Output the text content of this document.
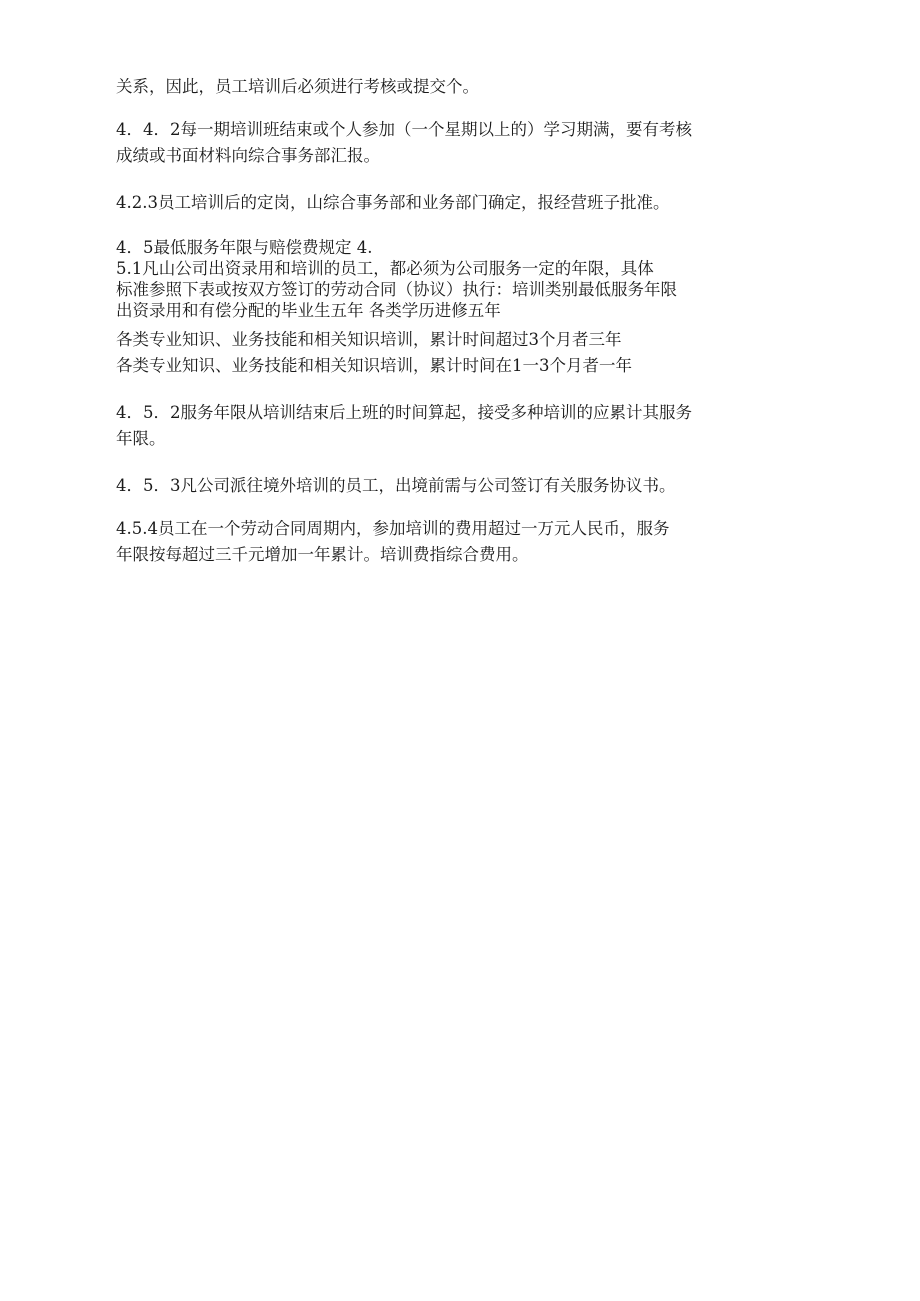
关系，因此，员工培训后必须进行考核或提交个。

4．4．2每一期培训班结束或个人参加（一个星期以上的）学习期满，要有考核
成绩或书面材料向综合事务部汇报。

4.2.3员工培训后的定岗，山综合事务部和业务部门确定，报经营班子批准。

4．5最低服务年限与赔偿费规定 4.
5.1凡山公司出资录用和培训的员工，都必须为公司服务一定的年限，具体
标准参照下表或按双方签订的劳动合同（协议）执行：培训类别最低服务年限
出资录用和有偿分配的毕业生五年 各类学历进修五年

各类专业知识、业务技能和相关知识培训，累计时间超过3个月者三年
各类专业知识、业务技能和相关知识培训，累计时间在1一3个月者一年

4．5．2服务年限从培训结束后上班的时间算起，接受多种培训的应累计其服务
年限。

4．5．3凡公司派往境外培训的员工，出境前需与公司签订有关服务协议书。

4.5.4员工在一个劳动合同周期内，参加培训的费用超过一万元人民币，服务
年限按每超过三千元增加一年累计。培训费指综合费用。
